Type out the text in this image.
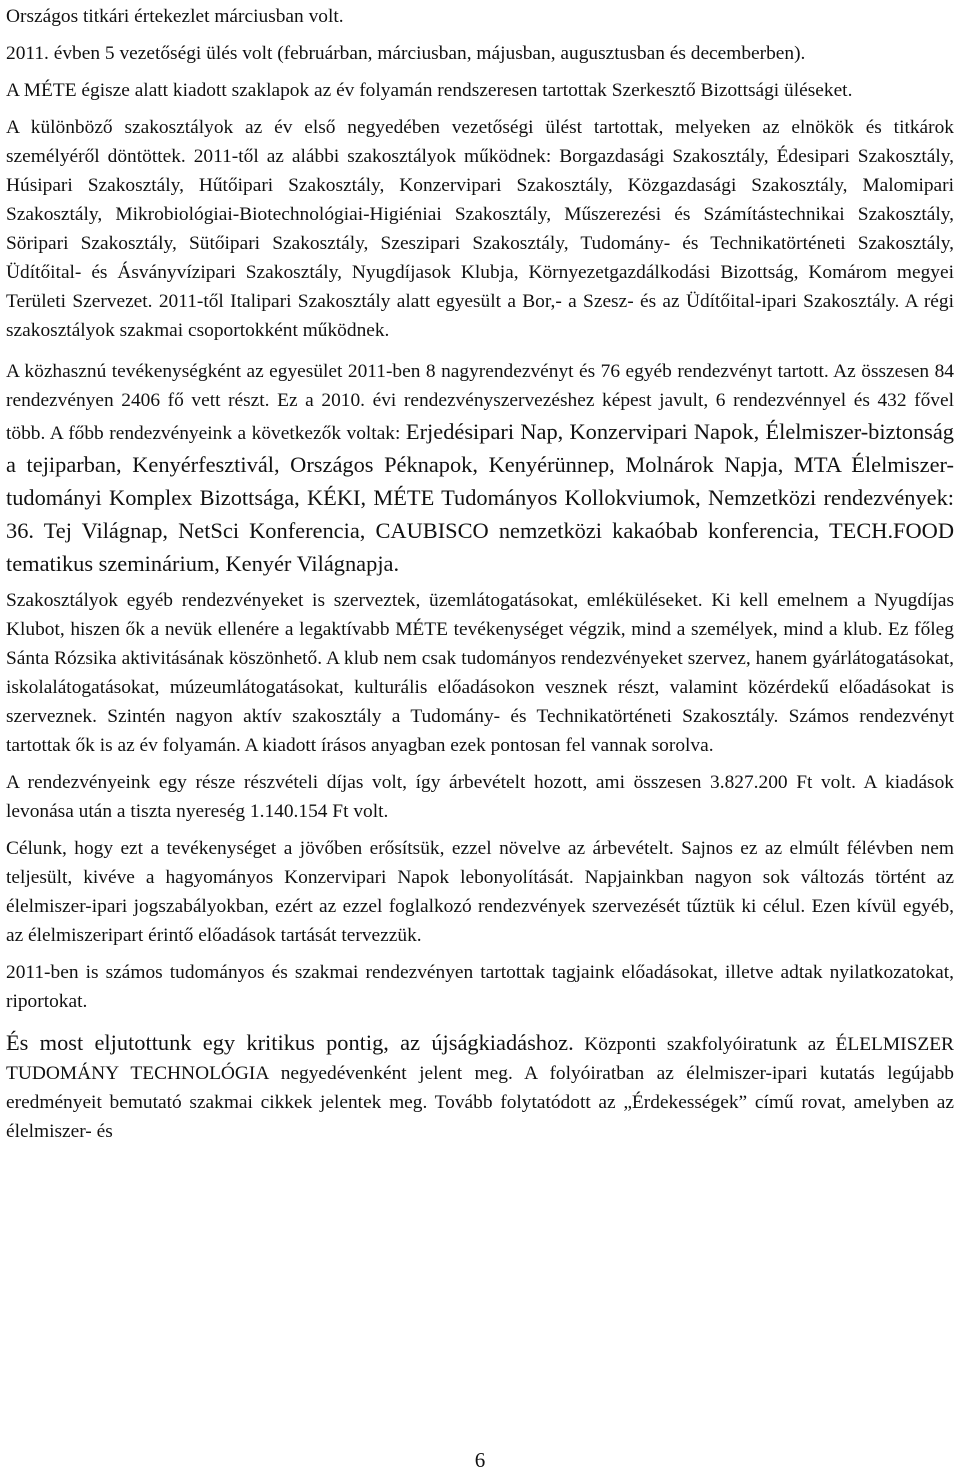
Országos titkári értekezlet márciusban volt.

2011. évben 5 vezetőségi ülés volt (februárban, márciusban, májusban, augusztusban és decemberben).

A MÉTE égisze alatt kiadott szaklapok az év folyamán rendszeresen tartottak Szerkesztő Bizottsági üléseket.

A különböző szakosztályok az év első negyedében vezetőségi ülést tartottak, melyeken az elnökök és titkárok személyéről döntöttek. 2011-től az alábbi szakosztályok működnek: Borgazdasági Szakosztály, Édesipari Szakosztály, Húsipari Szakosztály, Hűtőipari Szakosztály, Konzervipari Szakosztály, Közgazdasági Szakosztály, Malomipari Szakosztály, Mikrobiológiai-Biotechnológiai-Higiéniai Szakosztály, Műszerezési és Számítástechnikai Szakosztály, Söripari Szakosztály, Sütőipari Szakosztály, Szeszipari Szakosztály, Tudomány- és Technikatörténeti Szakosztály, Üdítőital- és Ásványvízipari Szakosztály, Nyugdíjasok Klubja, Környezetgazdálkodási Bizottság, Komárom megyei Területi Szervezet. 2011-től Italipari Szakosztály alatt egyesült a Bor,- a Szesz- és az Üdítőital-ipari Szakosztály. A régi szakosztályok szakmai csoportokként működnek.

A közhasznú tevékenységként az egyesület 2011-ben 8 nagyrendezvényt és 76 egyéb rendezvényt tartott. Az összesen 84 rendezvényen 2406 fő vett részt. Ez a 2010. évi rendezvényszervezéshez képest javult, 6 rendezvénnyel és 432 fővel több. A főbb rendezvényeink a következők voltak: Erjedésipari Nap, Konzervipari Napok, Élelmiszer-biztonság a tejiparban, Kenyérfesztivál, Országos Péknapok, Kenyérünnep, Molnárok Napja, MTA Élelmiszer-tudományi Komplex Bizottsága, KÉKI, MÉTE Tudományos Kollokviumok, Nemzetközi rendezvények: 36. Tej Világnap, NetSci Konferencia, CAUBISCO nemzetközi kakaóbab konferencia, TECH.FOOD tematikus szeminárium, Kenyér Világnapja.

Szakosztályok egyéb rendezvényeket is szerveztek, üzemlátogatásokat, emléküléseket. Ki kell emelnem a Nyugdíjas Klubot, hiszen ők a nevük ellenére a legaktívabb MÉTE tevékenységet végzik, mind a személyek, mind a klub. Ez főleg Sánta Rózsika aktivitásának köszönhető. A klub nem csak tudományos rendezvényeket szervez, hanem gyárlátogatásokat, iskolalátogatásokat, múzeumlátogatásokat, kulturális előadásokon vesznek részt, valamint közérdekű előadásokat is szerveznek. Szintén nagyon aktív szakosztály a Tudomány- és Technikatörténeti Szakosztály. Számos rendezvényt tartottak ők is az év folyamán. A kiadott írásos anyagban ezek pontosan fel vannak sorolva.

A rendezvényeink egy része részvételi díjas volt, így árbevételt hozott, ami összesen 3.827.200 Ft volt. A kiadások levonása után a tiszta nyereség 1.140.154 Ft volt.

Célunk, hogy ezt a tevékenységet a jövőben erősítsük, ezzel növelve az árbevételt. Sajnos ez az elmúlt félévben nem teljesült, kivéve a hagyományos Konzervipari Napok lebonyolítását. Napjainkban nagyon sok változás történt az élelmiszer-ipari jogszabályokban, ezért az ezzel foglalkozó rendezvények szervezését tűztük ki célul. Ezen kívül egyéb, az élelmiszeripart érintő előadások tartását tervezzük.

2011-ben is számos tudományos és szakmai rendezvényen tartottak tagjaink előadásokat, illetve adtak nyilatkozatokat, riportokat.

És most eljutottunk egy kritikus pontig, az újságkiadáshoz. Központi szakfolyóiratunk az ÉLELMISZER TUDOMÁNY TECHNOLÓGIA negyedévenként jelent meg. A folyóiratban az élelmiszer-ipari kutatás legújabb eredményeit bemutató szakmai cikkek jelentek meg. Tovább folytatódott az „Érdekességek” című rovat, amelyben az élelmiszer- és

6
